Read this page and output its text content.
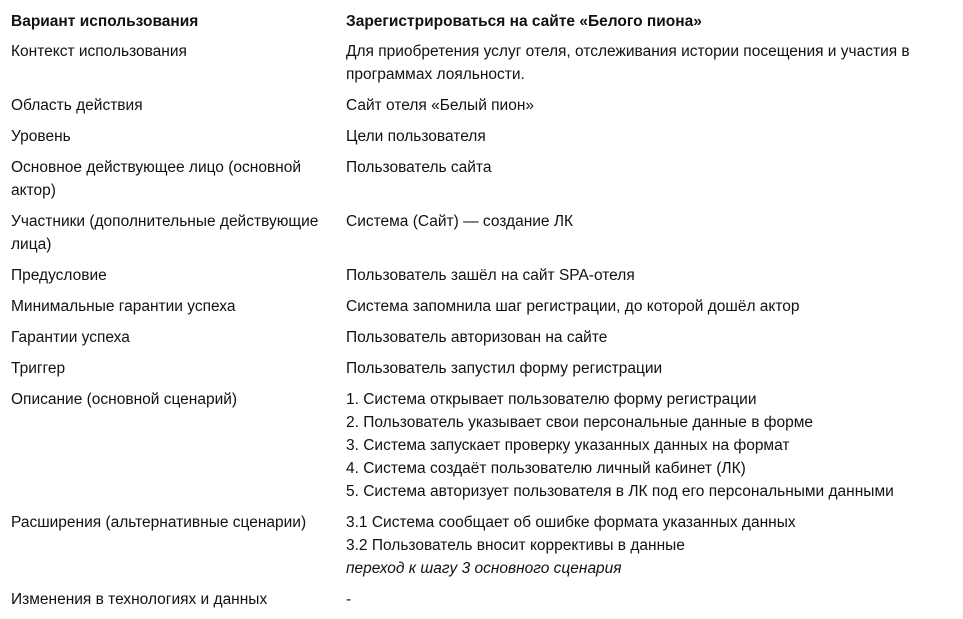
Вариант использования	Зарегистрироваться на сайте «Белого пиона»
Контекст использования	Для приобретения услуг отеля, отслеживания истории посещения и участия в
программах лояльности.

Область действия	Сайт отеля «Белый пион»

Уровень	Цели пользователя

Основное действующее лицо (основной актор)	Пользователь сайта

Участники (дополнительные действующие лица)	Система (Сайт) — создание ЛК

Предусловие	Пользователь зашёл на сайт SPA-отеля

Минимальные гарантии успеха	Система запомнила шаг регистрации, до которой дошёл актор

Гарантии успеха	Пользователь авторизован на сайте

Триггер	Пользователь запустил форму регистрации

Описание (основной сценарий)	1. Система открывает пользователю форму регистрации
2. Пользователь указывает свои персональные данные в форме
3. Система запускает проверку указанных данных на формат
4. Система создаёт пользователю личный кабинет (ЛК)
5. Система авторизует пользователя в ЛК под его персональными данными

Расширения (альтернативные сценарии)	3.1 Система сообщает об ошибке формата указанных данных
3.2 Пользователь вносит коррективы в данные
переход к шагу 3 основного сценария

Изменения в технологиях и данных	-
